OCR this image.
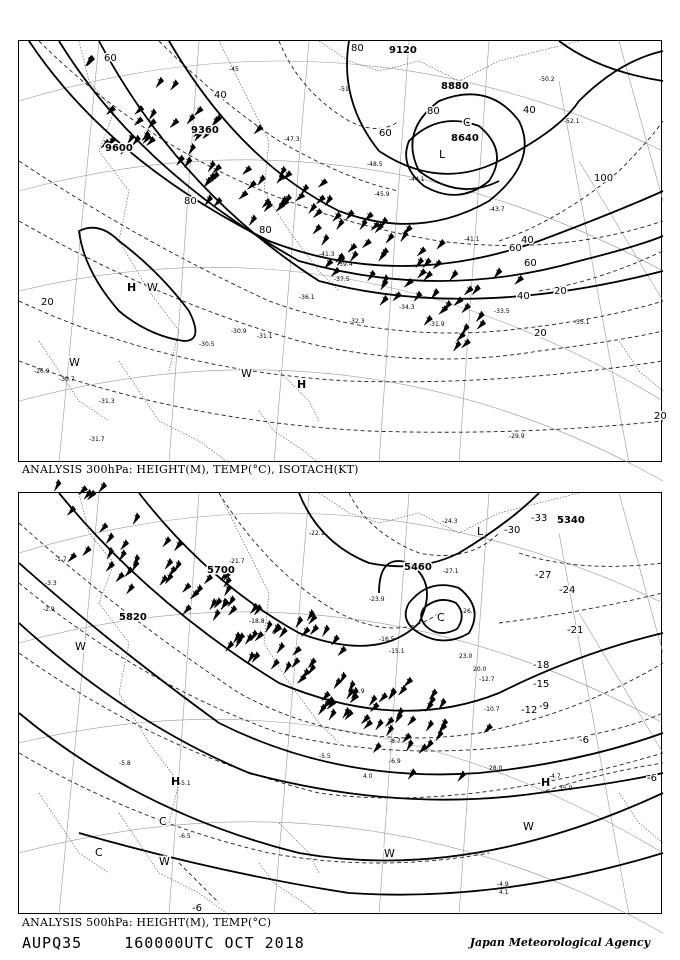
9120
8880
8640
9360
9600
60
40
80
100
80
60
40 20
40
80
60
20
40
20
80
60
20
H W
L
C
W
W
H
-47.3
-45.9
-44.1
-41.3
-39.4
-37.5
-36.1
-34.3
-32.3	-31.9
-30.7
-29.9
-33.5
-35.1
-31.1
-30.9
-45
-51
-52.1
-50.2
-48.5
-43.7
-41.1
-30.5
-26.9
-31.7
-31.3
ANALYSIS 300hPa: HEIGHT(M), TEMP(°C), ISOTACH(KT)
5340
5460
5700
5820
-33
-30
-27
-24
-21
-18
-15
-12 -9
-6
-6
-6
L
C
W
H
C	W
C
H
W
W
-24.3
-27.1
-26.1
-23.9
-22.1
-21.7
-18.8
-16.5
-15.1
-12.7
-11.9
-10.7
-8.7
-6.9
-5.5
-4.7
-4.9
-5.8
-5.1
-2.9
-1.7
-3.3
-6.5
28.0
35.0
20.0
23.0
4.1
4.0
ANALYSIS 500hPa: HEIGHT(M), TEMP(°C)
AUPQ35	160000UTC OCT 2018	Japan Meteorological Agency
